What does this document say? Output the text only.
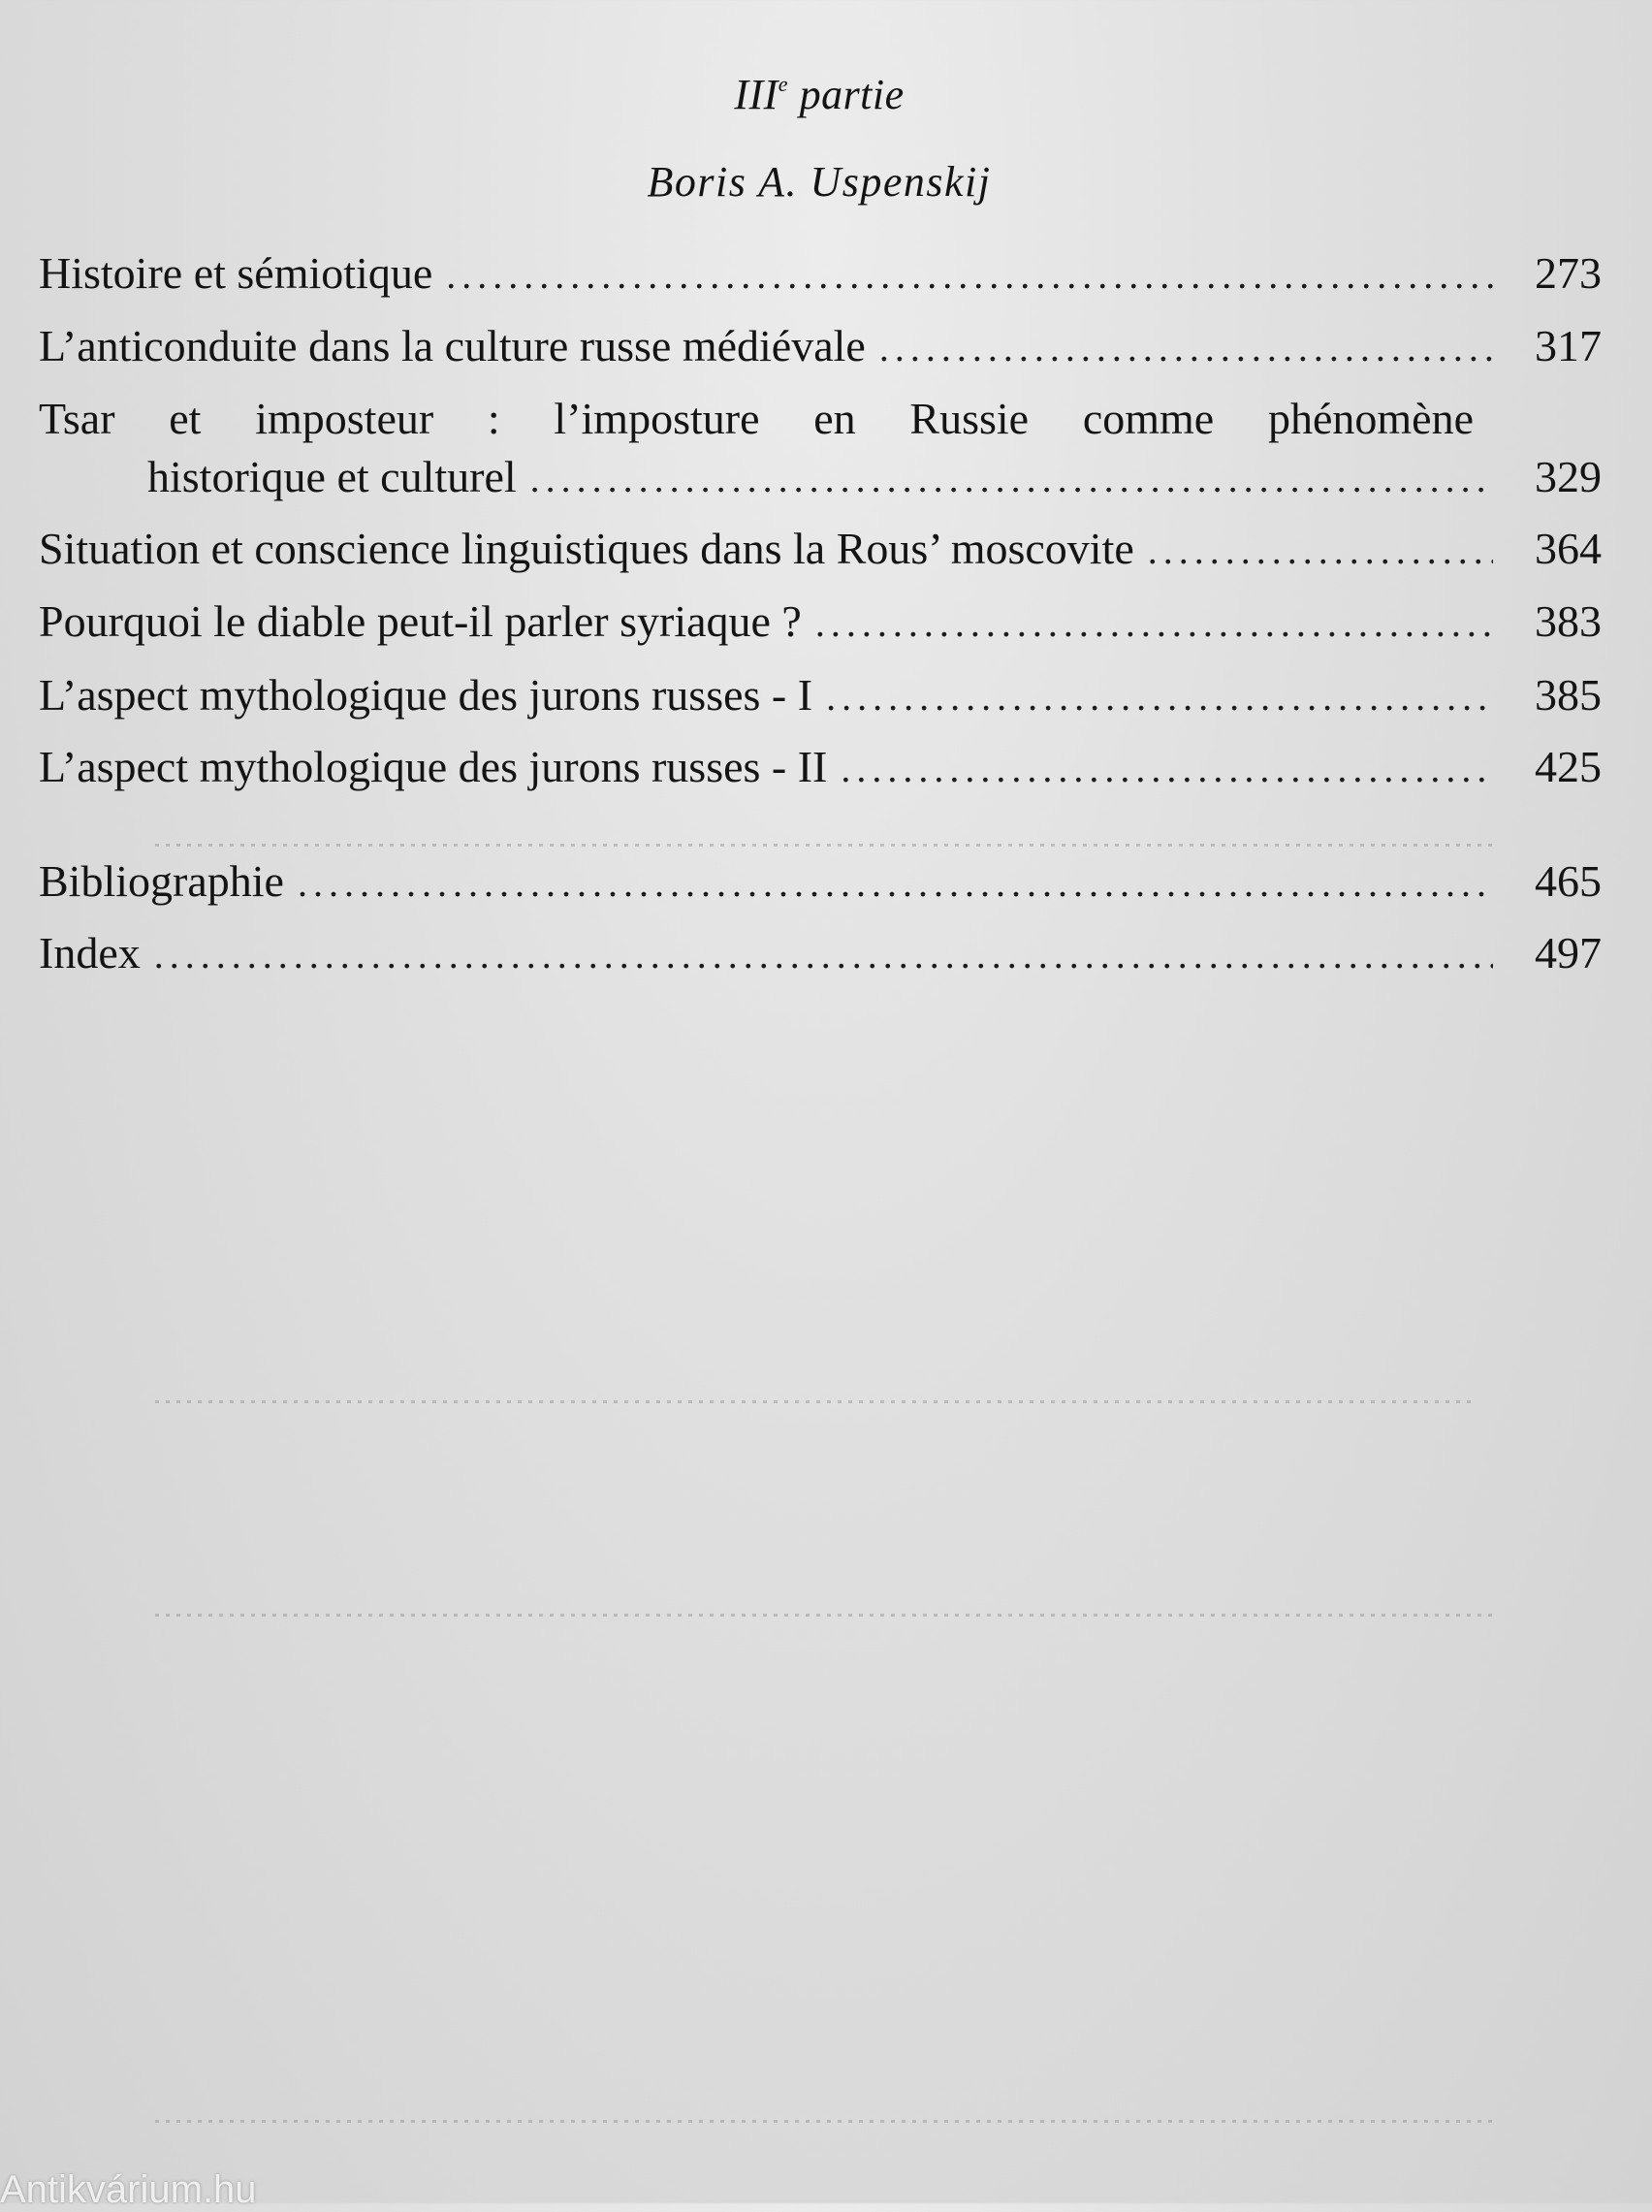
IIIe partie
Boris A. Uspenskij
Histoire et sémiotique .....	273
L’anticonduite dans la culture russe médiévale .....	317
Tsar et imposteur : l’imposture en Russie comme phénomène
historique et culturel .....	329
Situation et conscience linguistiques dans la Rous’ moscovite .....	364
Pourquoi le diable peut-il parler syriaque ? .....	383
L’aspect mythologique des jurons russes - I .....	385
L’aspect mythologique des jurons russes - II .....	425
Bibliographie .....	465
Index .....	497
Antikvárium.hu
